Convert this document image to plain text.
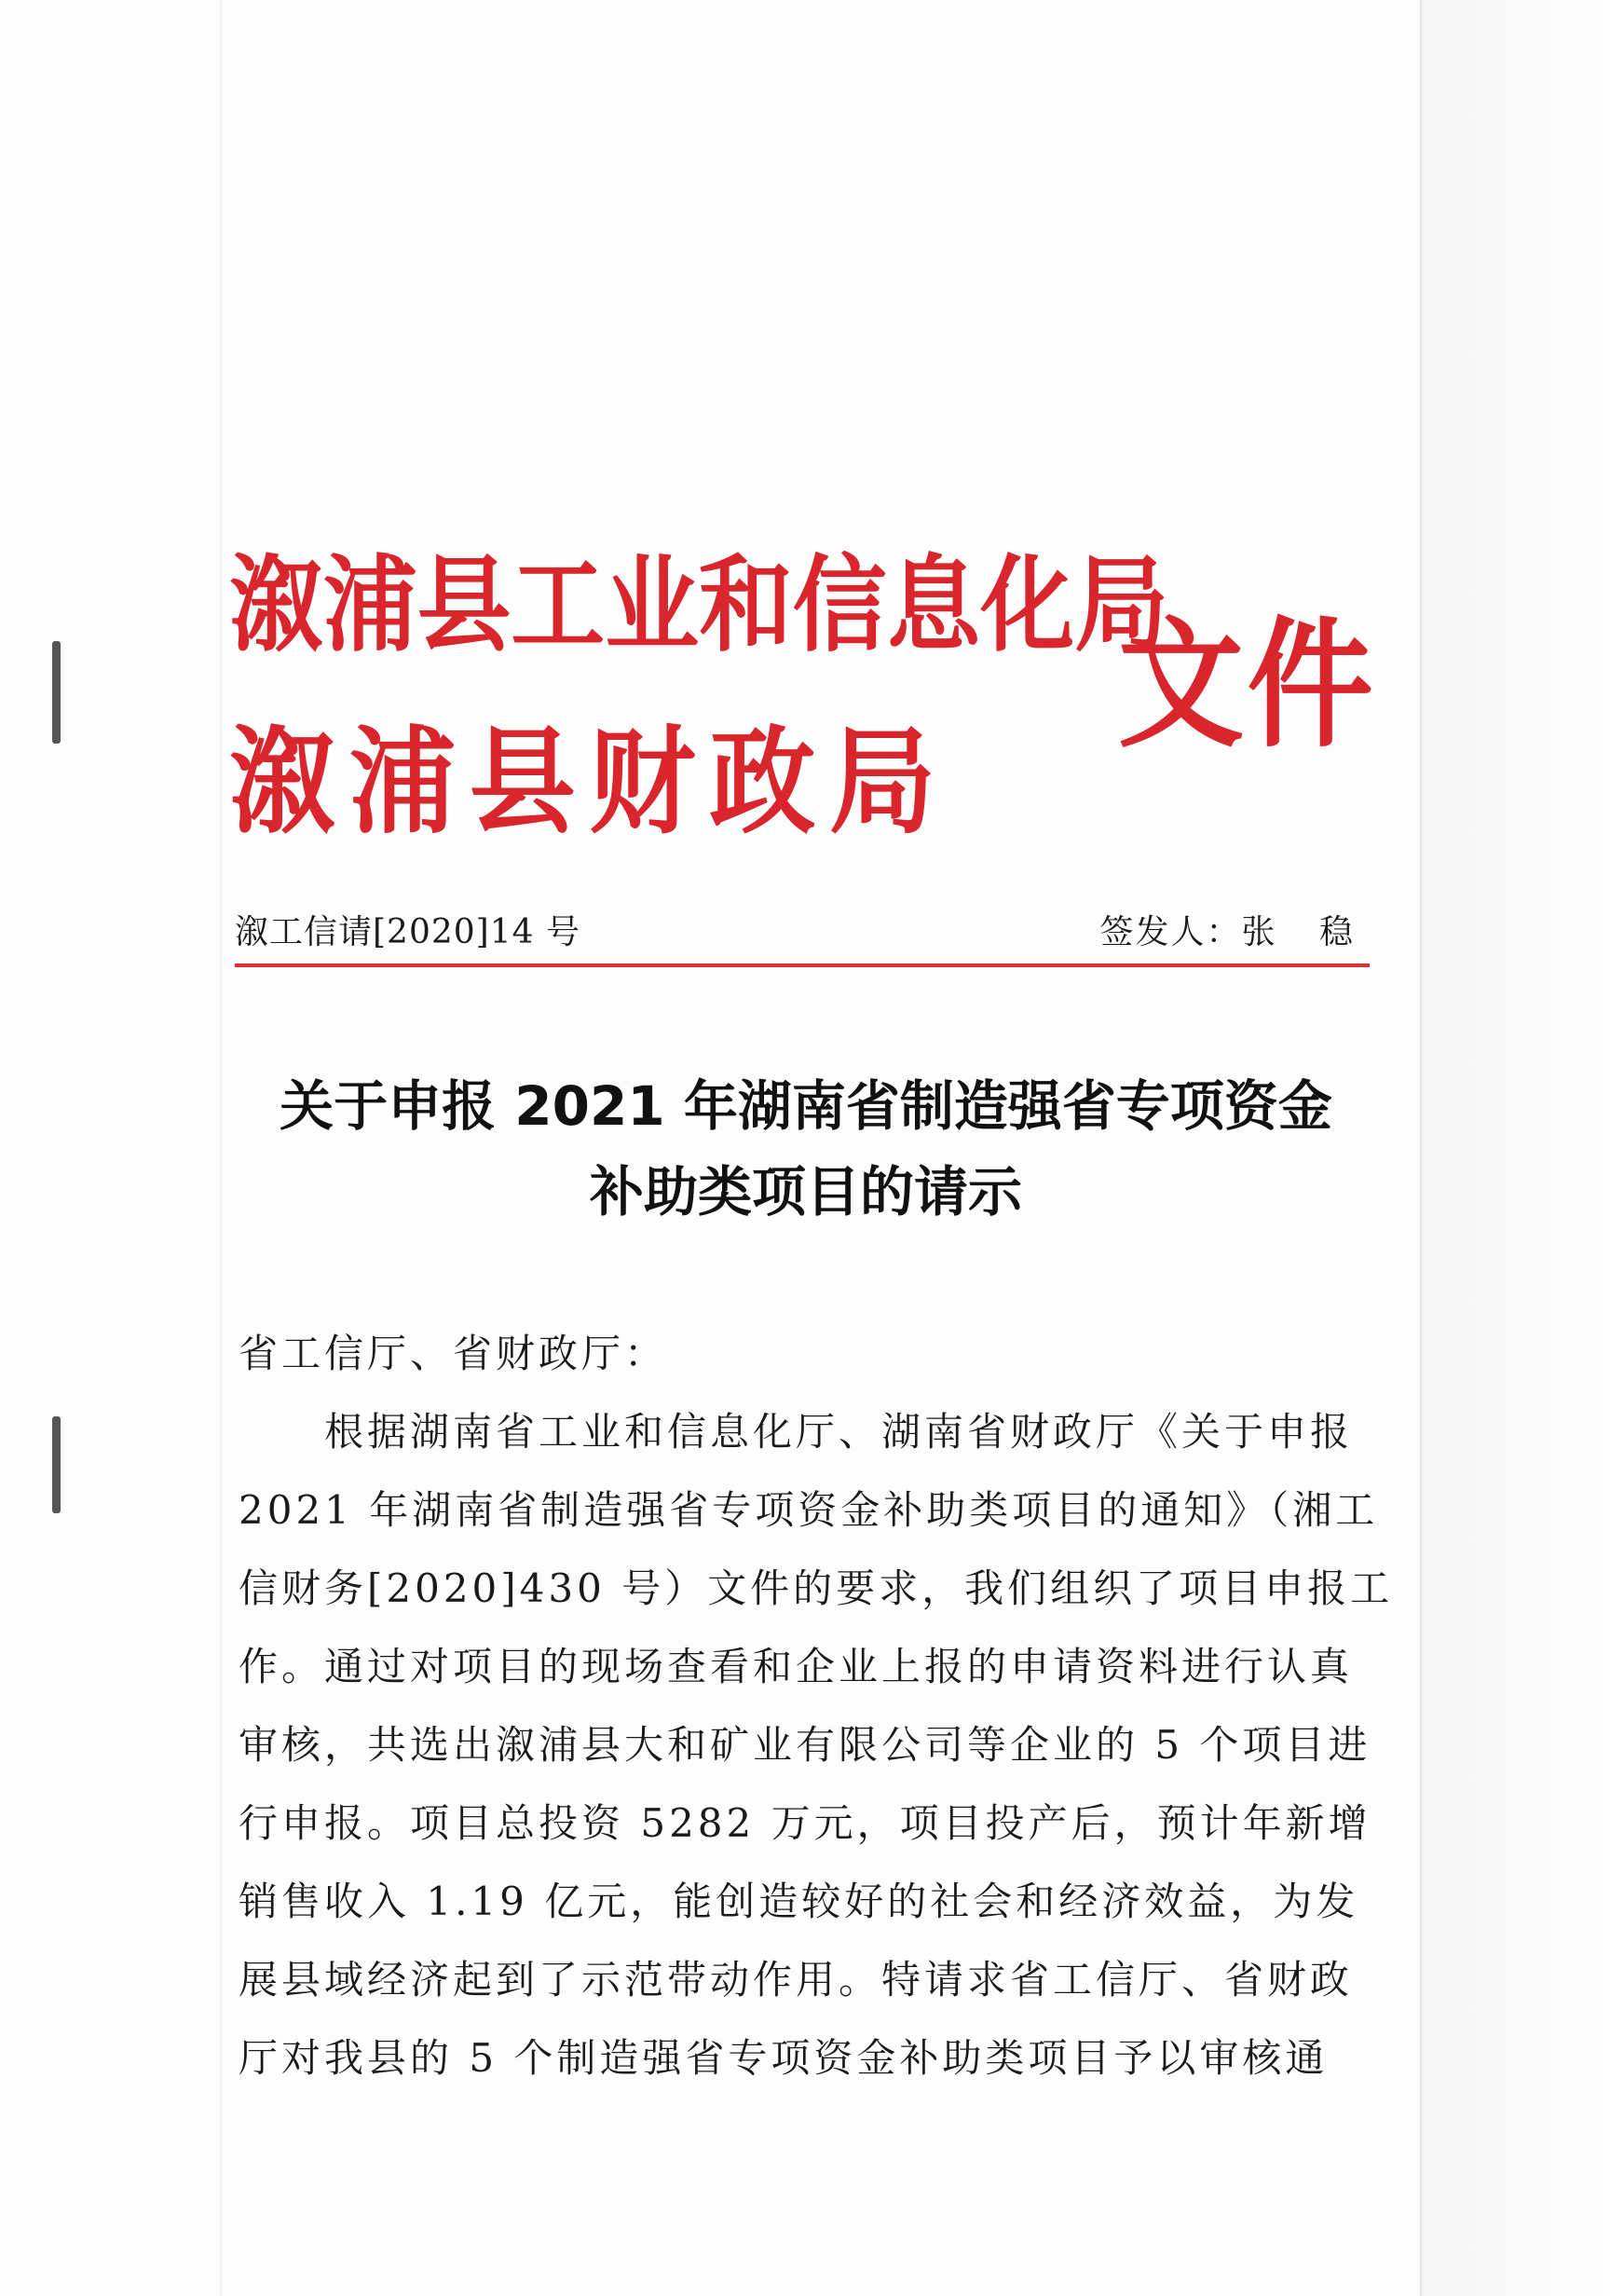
溆浦县工业和信息化局
溆浦县财政局
文件
溆工信请[2020]14 号	签发人：张 稳
关于申报 2021 年湖南省制造强省专项资金
补助类项目的请示
省工信厅、省财政厅：
根据湖南省工业和信息化厅、湖南省财政厅《关于申报
2021 年湖南省制造强省专项资金补助类项目的通知》（湘工
信财务[2020]430 号）文件的要求，我们组织了项目申报工
作。通过对项目的现场查看和企业上报的申请资料进行认真
审核，共选出溆浦县大和矿业有限公司等企业的 5 个项目进
行申报。项目总投资 5282 万元，项目投产后，预计年新增
销售收入 1.19 亿元，能创造较好的社会和经济效益，为发
展县域经济起到了示范带动作用。特请求省工信厅、省财政
厅对我县的 5 个制造强省专项资金补助类项目予以审核通
